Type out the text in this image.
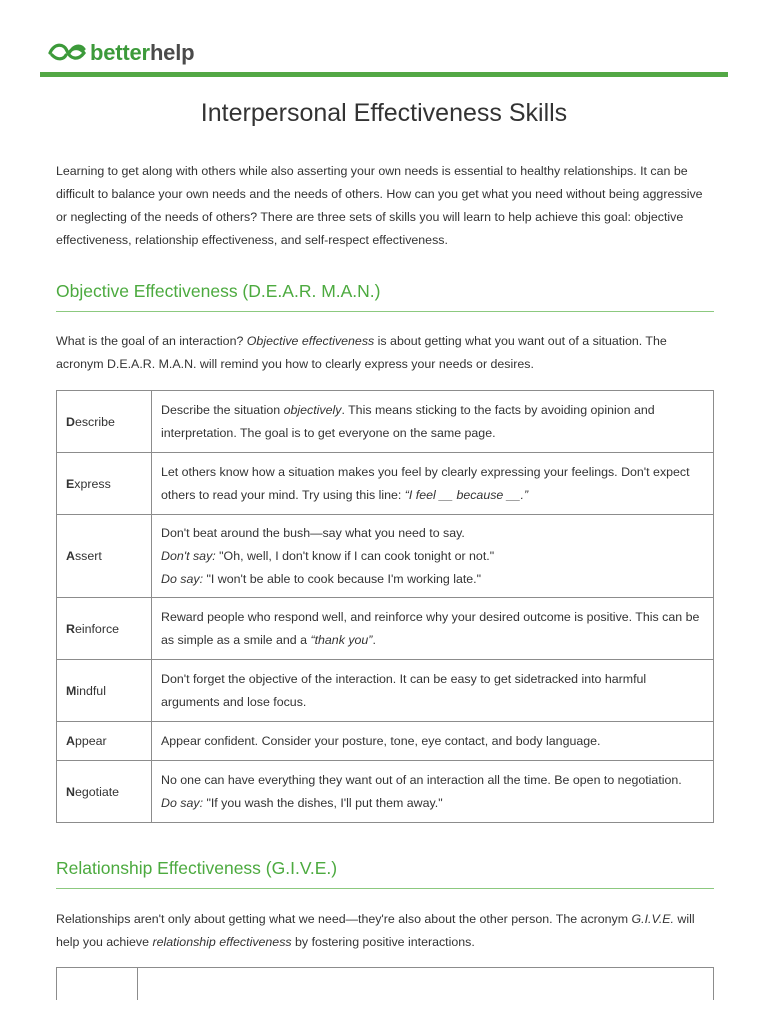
betterhelp
Interpersonal Effectiveness Skills

Learning to get along with others while also asserting your own needs is essential to healthy relationships. It can be difficult to balance your own needs and the needs of others. How can you get what you need without being aggressive or neglecting of the needs of others? There are three sets of skills you will learn to help achieve this goal: objective effectiveness, relationship effectiveness, and self-respect effectiveness.

Objective Effectiveness (D.E.A.R. M.A.N.)

What is the goal of an interaction? Objective effectiveness is about getting what you want out of a situation. The acronym D.E.A.R. M.A.N. will remind you how to clearly express your needs or desires.

Describe	Describe the situation objectively. This means sticking to the facts by avoiding opinion and interpretation. The goal is to get everyone on the same page.
Express	Let others know how a situation makes you feel by clearly expressing your feelings. Don't expect others to read your mind. Try using this line: “I feel __ because __.”
Assert	Don't beat around the bush—say what you need to say.
Don't say: "Oh, well, I don't know if I can cook tonight or not."
Do say: "I won't be able to cook because I'm working late."

Reinforce	Reward people who respond well, and reinforce why your desired outcome is positive. This can be as simple as a smile and a “thank you”.
Mindful	Don't forget the objective of the interaction. It can be easy to get sidetracked into harmful arguments and lose focus.
Appear	Appear confident. Consider your posture, tone, eye contact, and body language.
Negotiate	No one can have everything they want out of an interaction all the time. Be open to negotiation.
Do say: "If you wash the dishes, I'll put them away."
Relationship Effectiveness (G.I.V.E.)

Relationships aren't only about getting what we need—they're also about the other person. The acronym G.I.V.E. will help you achieve relationship effectiveness by fostering positive interactions.
